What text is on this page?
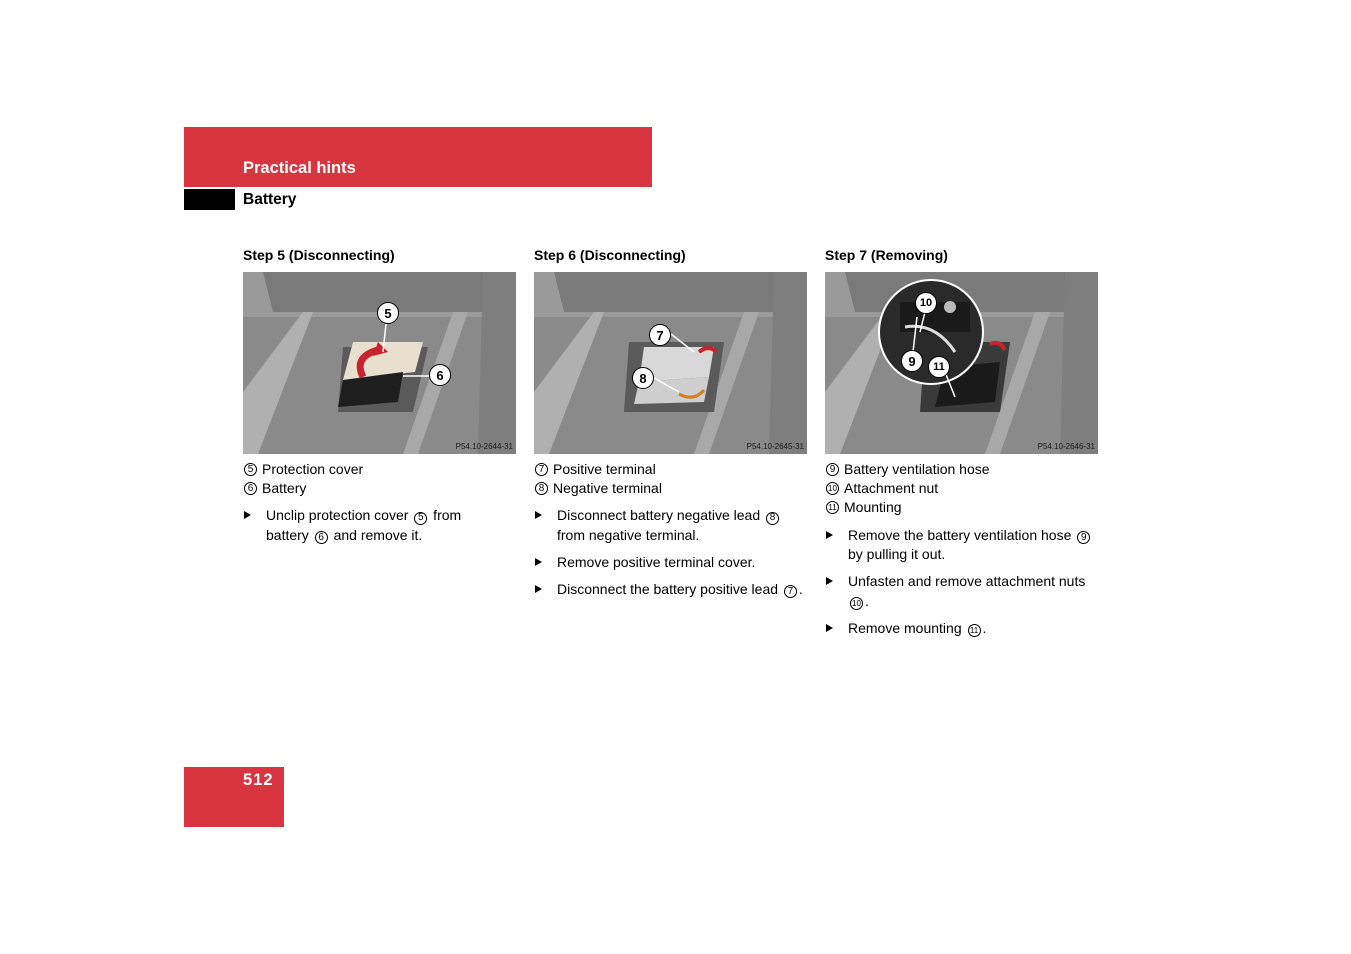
Practical hints
Battery
Step 5 (Disconnecting)
5
6
P54.10-2644-31
5 Protection cover
6 Battery
Unclip protection cover 5 from
battery 6 and remove it.
Step 6 (Disconnecting)
7
8
P54.10-2645-31
7 Positive terminal
8 Negative terminal
Disconnect battery negative lead 8
from negative terminal.
Remove positive terminal cover.
Disconnect the battery positive lead 7 .
Step 7 (Removing)
10
9	11
P54.10-2646-31
9 Battery ventilation hose
10 Attachment nut
11 Mounting
Remove the battery ventilation hose 9 by pulling it out.
Unfasten and remove attachment nuts 10 .
Remove mounting 11 .
512
